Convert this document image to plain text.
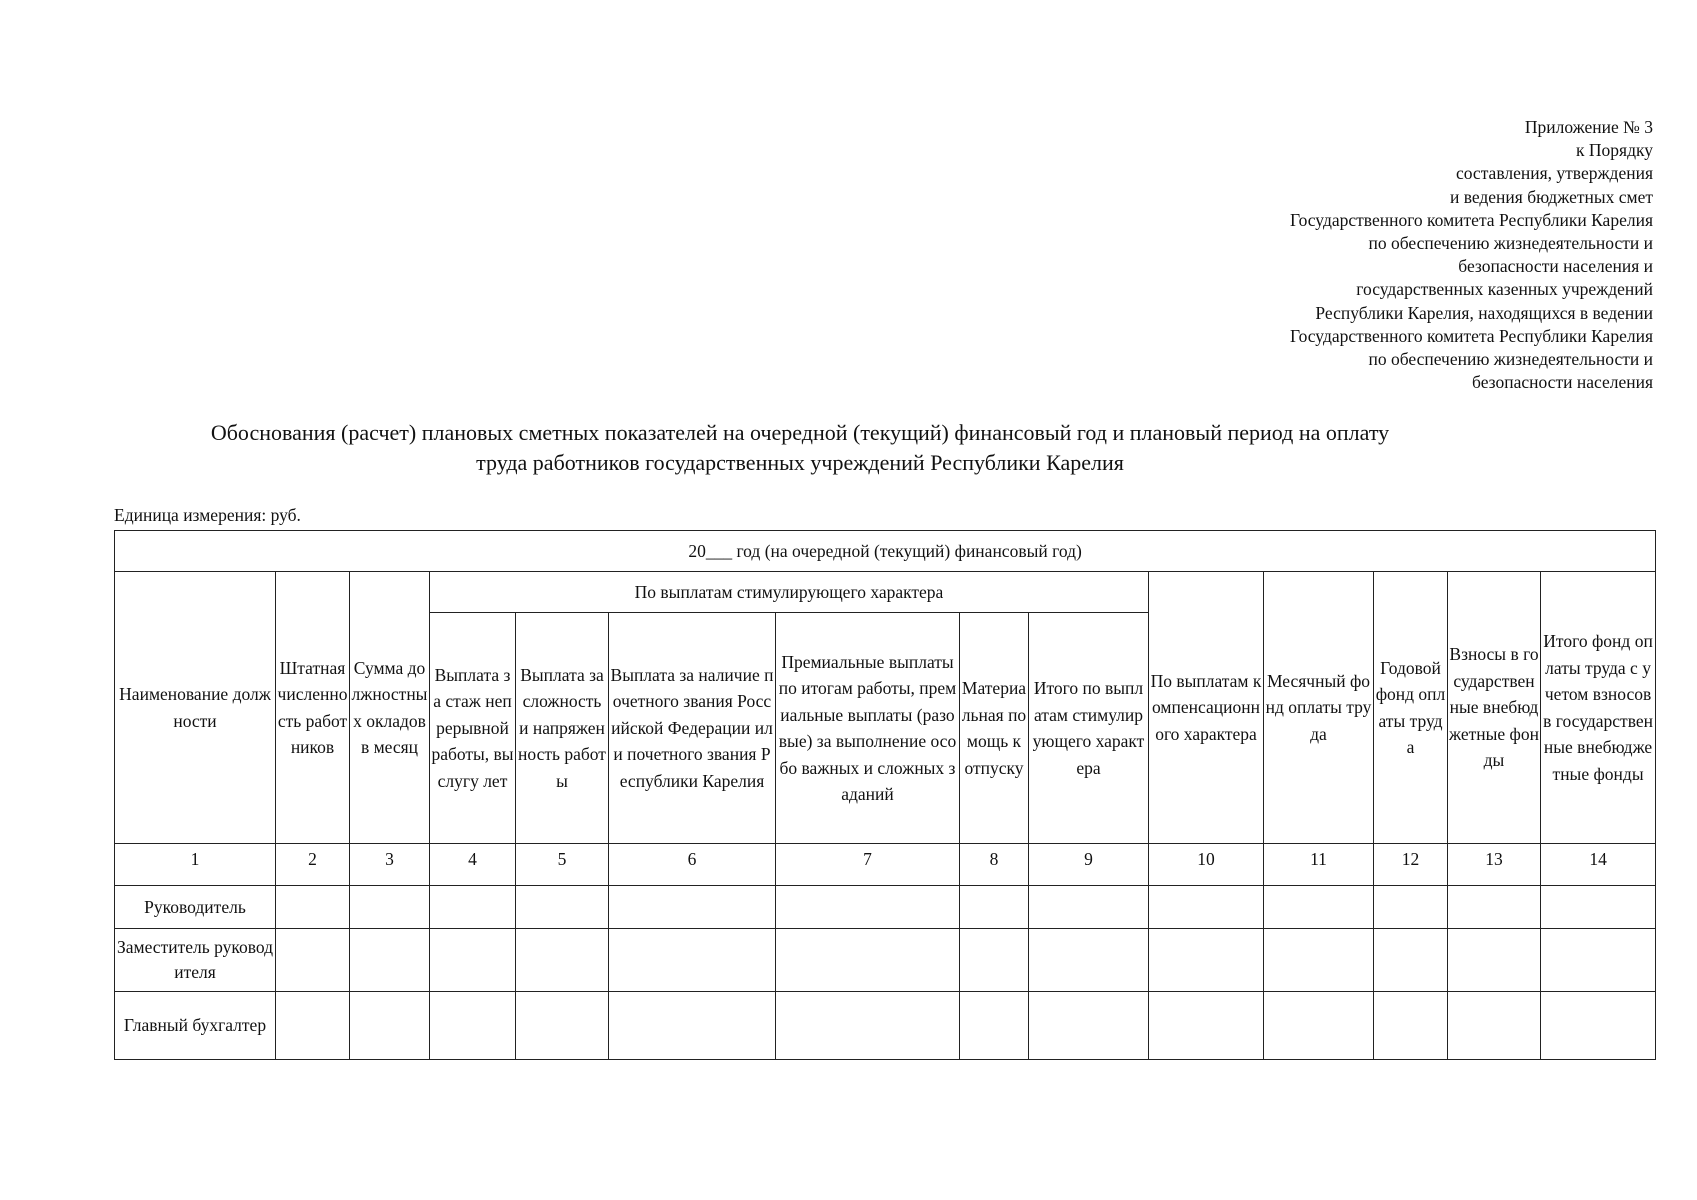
Приложение № 3
к Порядку
составления, утверждения
и ведения бюджетных смет
Государственного комитета Республики Карелия
по обеспечению жизнедеятельности и
безопасности населения и
государственных казенных учреждений
Республики Карелия, находящихся в ведении
Государственного комитета Республики Карелия
по обеспечению жизнедеятельности и
безопасности населения
Обоснования (расчет) плановых сметных показателей на очередной (текущий) финансовый год и плановый период на оплату
труда работников государственных учреждений Республики Карелия
Единица измерения: руб.
20___ год (на очередной (текущий) финансовый год)													
Наименование должности	Штатная численность работников	Сумма должностных окладов в месяц	По выплатам стимулирующего характера						По выплатам компенсационного характера	Месячный фонд оплаты труда	Годовой фонд оплаты труда	Взносы в государственные внебюджетные фонды	Итого фонд оплаты труда с учетом взносов в государственные внебюджетные фонды
			Выплата за стаж непрерывной работы, выслугу лет	Выплата за сложность и напряженность работы	Выплата за наличие почетного звания Российской Федерации или почетного звания Республики Карелия	Премиальные выплаты по итогам работы, премиальные выплаты (разовые) за выполнение особо важных и сложных заданий	Материальная помощь к отпуску	Итого по выплатам стимулирующего характера					
1	2	3	4	5	6	7	8	9	10	11	12	13	14
Руководитель													
Заместитель руководителя													
Главный бухгалтер													
